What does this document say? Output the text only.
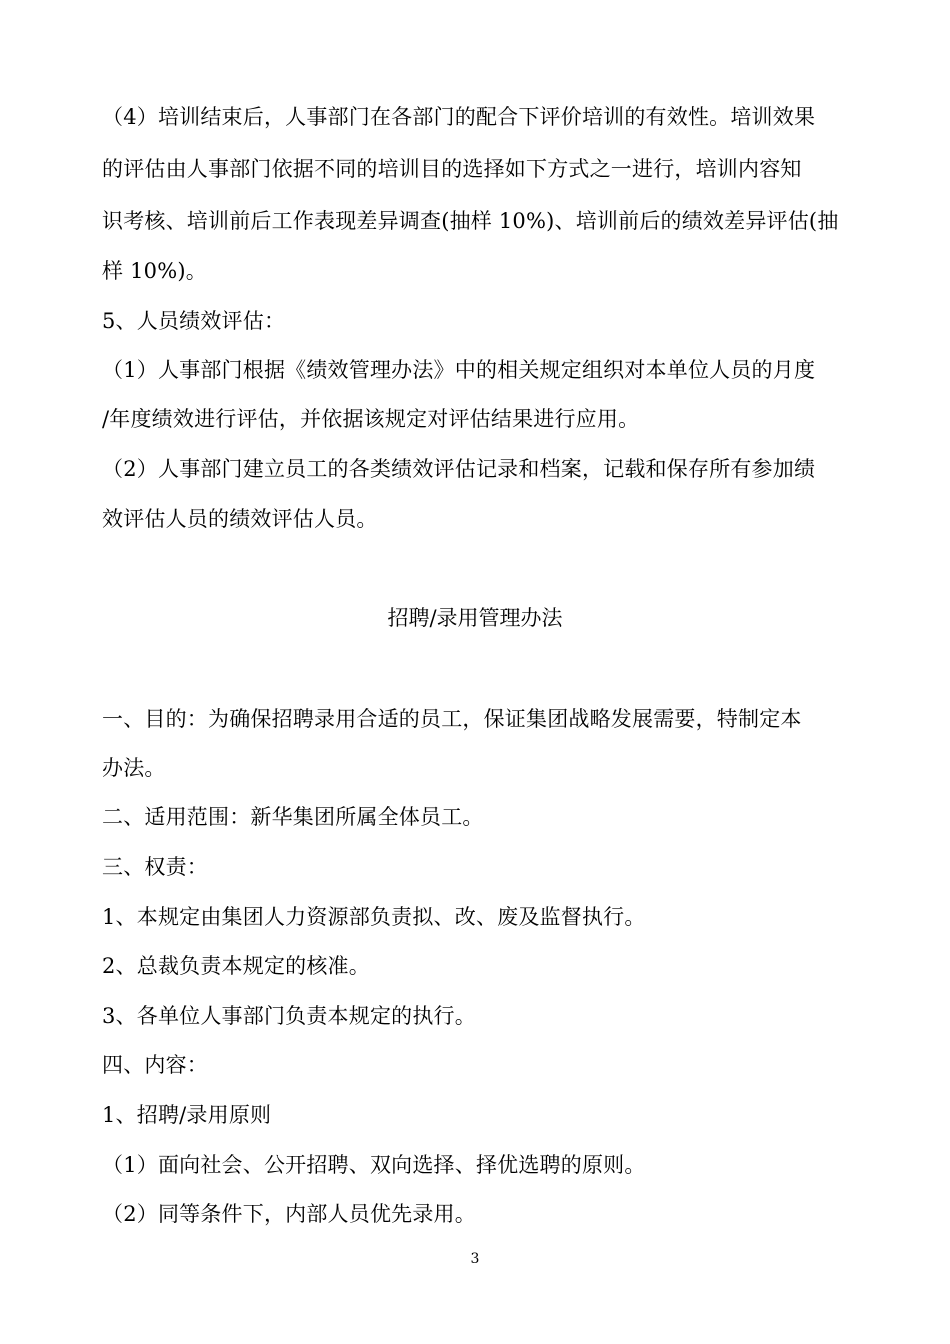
（4）培训结束后，人事部门在各部门的配合下评价培训的有效性。培训效果
的评估由人事部门依据不同的培训目的选择如下方式之一进行，培训内容知
识考核、培训前后工作表现差异调查(抽样 10%)、培训前后的绩效差异评估(抽
样 10%)。
5、人员绩效评估：
（1）人事部门根据《绩效管理办法》中的相关规定组织对本单位人员的月度
/年度绩效进行评估，并依据该规定对评估结果进行应用。
（2）人事部门建立员工的各类绩效评估记录和档案，记载和保存所有参加绩
效评估人员的绩效评估人员。
招聘/录用管理办法
一、目的：为确保招聘录用合适的员工，保证集团战略发展需要，特制定本
办法。
二、适用范围：新华集团所属全体员工。
三、权责：
1、本规定由集团人力资源部负责拟、改、废及监督执行。
2、总裁负责本规定的核准。
3、各单位人事部门负责本规定的执行。
四、内容：
1、招聘/录用原则
（1）面向社会、公开招聘、双向选择、择优选聘的原则。
（2）同等条件下，内部人员优先录用。
3
